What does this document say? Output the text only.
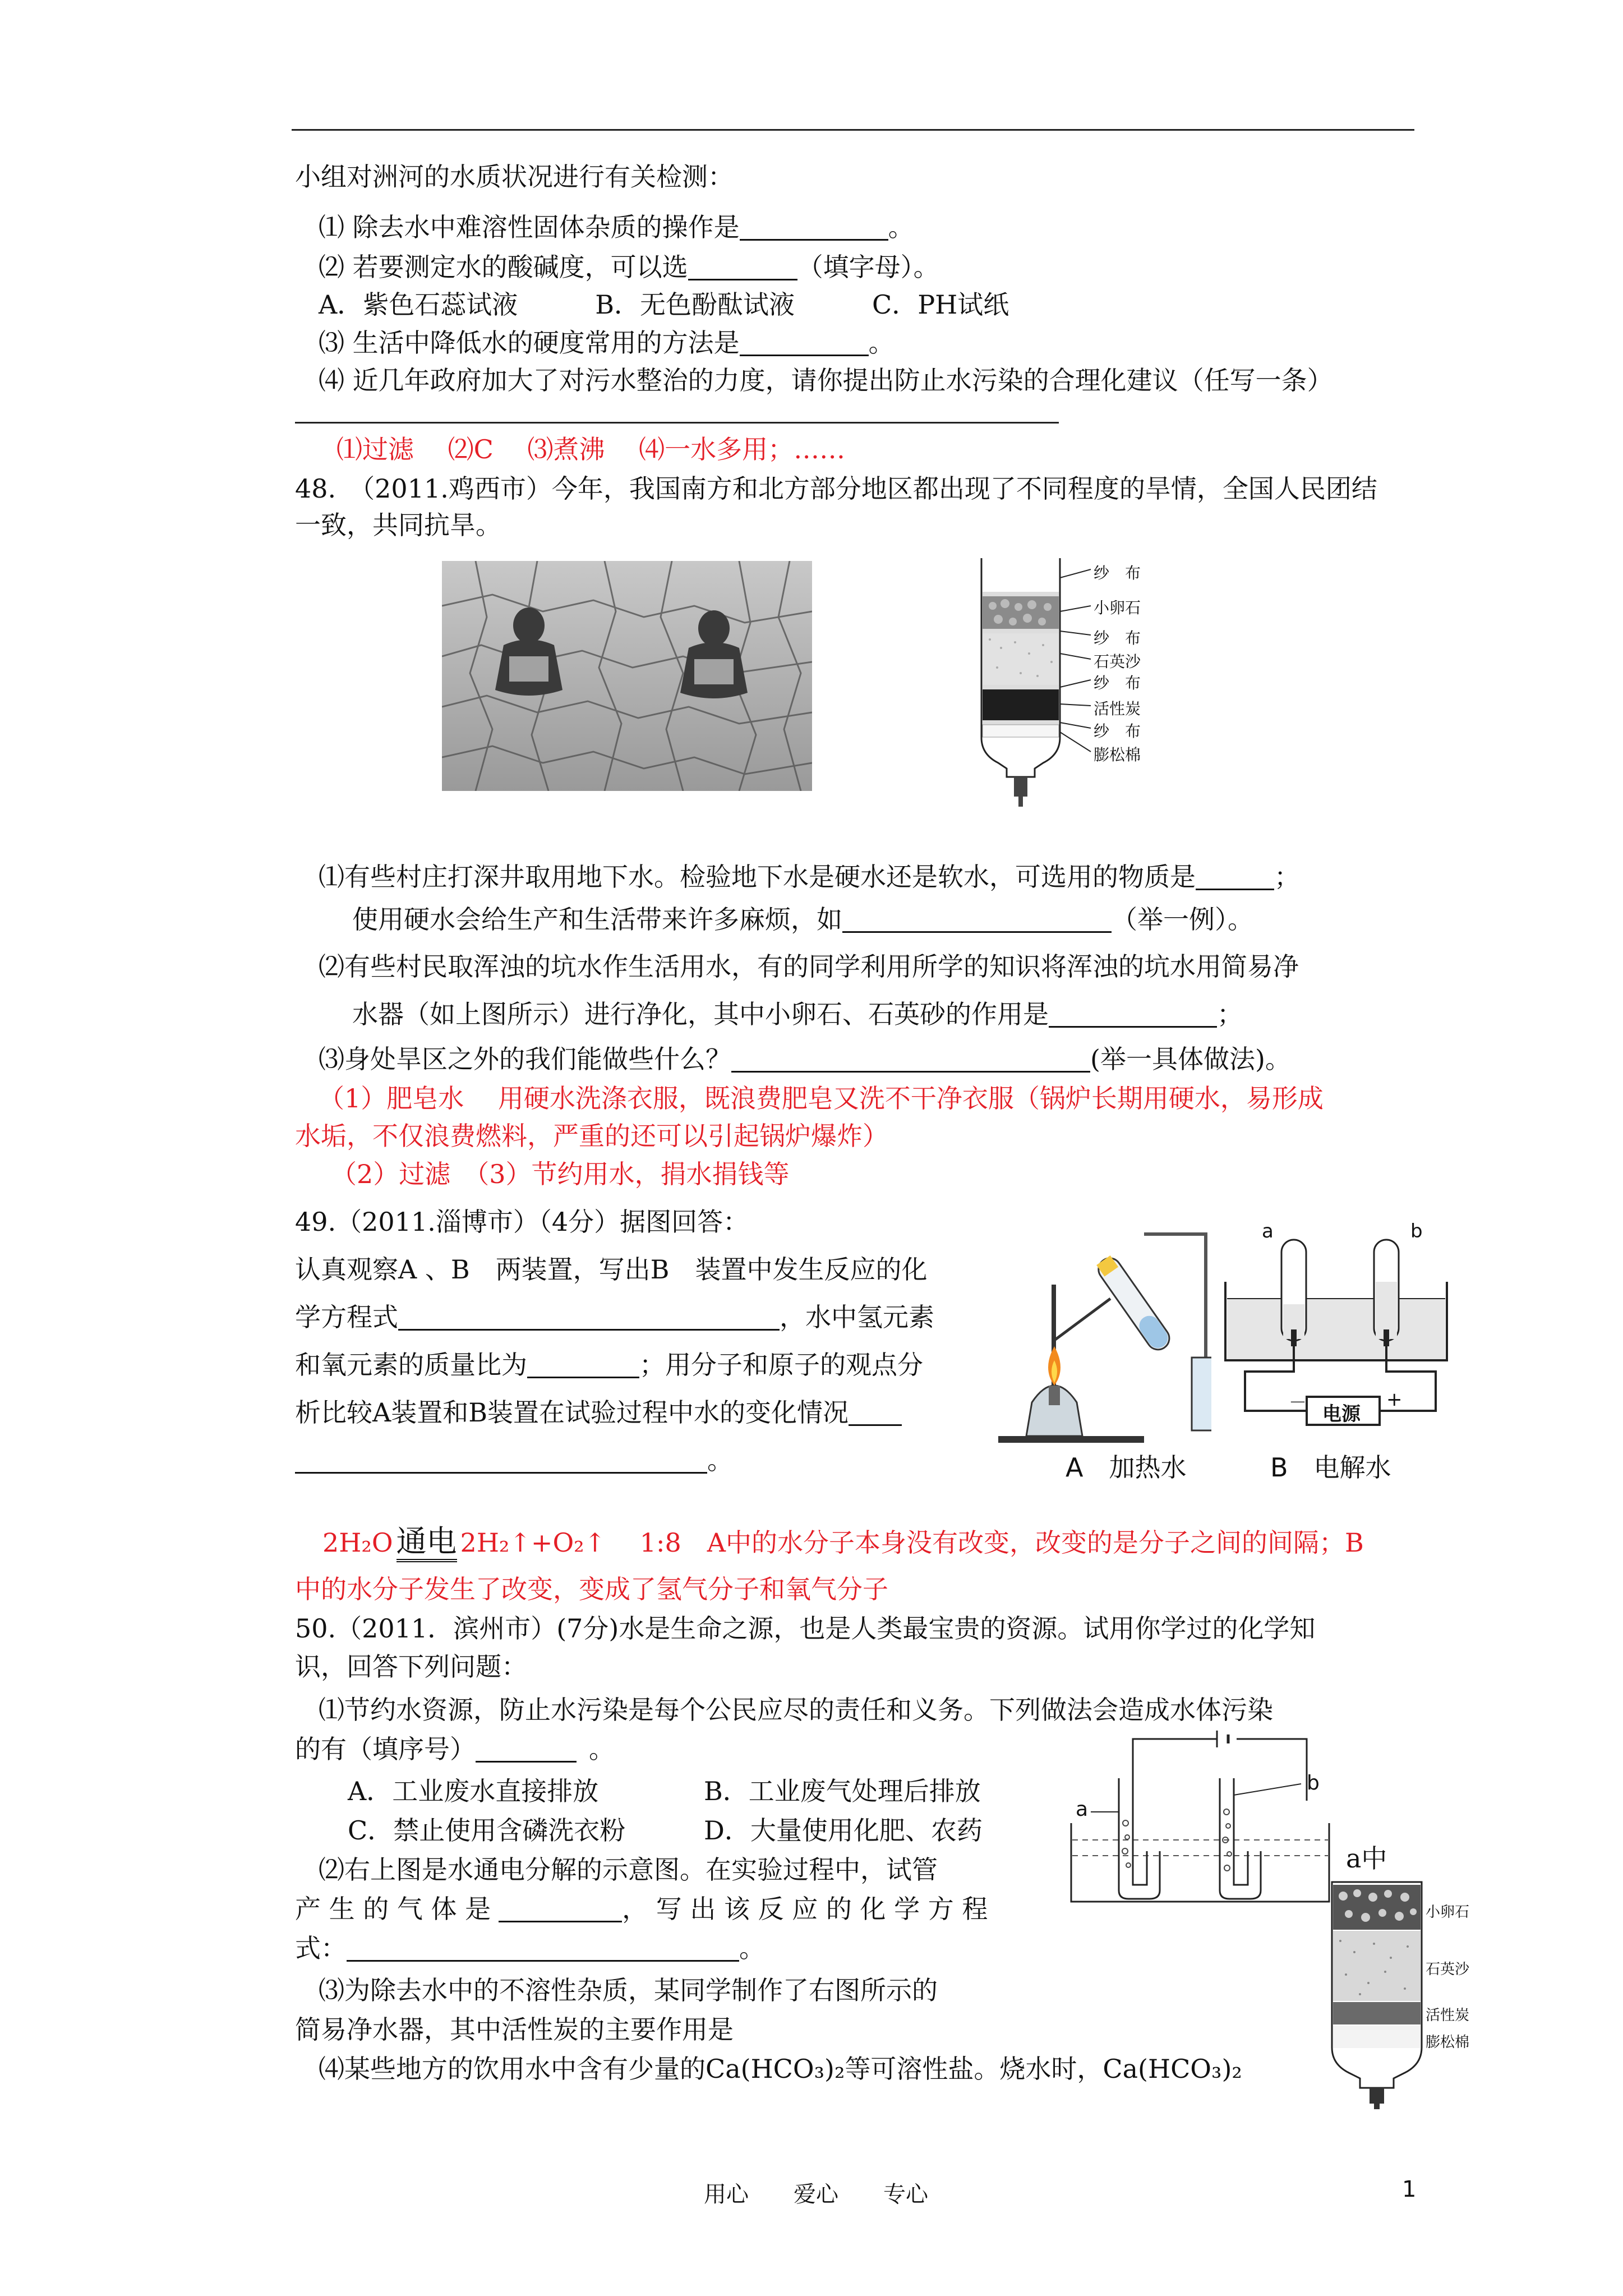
小组对洲河的水质状况进行有关检测：
⑴ 除去水中难溶性固体杂质的操作是	。
⑵ 若要测定水的酸碱度，可以选	（填字母）。
A．紫色石蕊试液　　　B．无色酚酞试液　　　C．PH试纸
⑶ 生活中降低水的硬度常用的方法是	。
⑷ 近几年政府加大了对污水整治的力度，请你提出防止水污染的合理化建议（任写一条）
⑴过滤　 ⑵C　 ⑶煮沸　 ⑷一水多用；……
48.　（2011.鸡西市）今年，我国南方和北方部分地区都出现了不同程度的旱情，全国人民团结
一致，共同抗旱。
纱　布
小卵石
纱　布
石英沙
纱　布
活性炭
纱　布
膨松棉
⑴有些村庄打深井取用地下水。检验地下水是硬水还是软水，可选用的物质是	；
使用硬水会给生产和生活带来许多麻烦，如	（举一例）。
⑵有些村民取浑浊的坑水作生活用水，有的同学利用所学的知识将浑浊的坑水用简易净
水器（如上图所示）进行净化，其中小卵石、石英砂的作用是	；
⑶身处旱区之外的我们能做些什么？	(举一具体做法)。
（1）肥皂水　 用硬水洗涤衣服，既浪费肥皂又洗不干净衣服（锅炉长期用硬水，易形成
水垢，不仅浪费燃料，严重的还可以引起锅炉爆炸）
（2）过滤　（3）节约用水，捐水捐钱等
49.（2011.淄博市）（4分）据图回答：
认真观察A 、B　两装置，写出B　装置中发生反应的化
学方程式	，水中氢元素
和氧元素的质量比为	；用分子和原子的观点分
析比较A装置和B装置在试验过程中水的变化情况
。
a	b
电源
－	+
A　加热水	B　电解水
2H₂O 通电 2H₂↑+O₂↑　 1:8　A中的水分子本身没有改变，改变的是分子之间的间隔；B
中的水分子发生了改变，变成了氢气分子和氧气分子
50.（2011．滨州市）(7分)水是生命之源，也是人类最宝贵的资源。试用你学过的化学知
识，回答下列问题：
⑴节约水资源，防止水污染是每个公民应尽的责任和义务。下列做法会造成水体污染
的有（填序号）	。
A．工业废水直接排放	B．工业废气处理后排放
C．禁止使用含磷洗衣粉	D．大量使用化肥、农药
⑵右上图是水通电分解的示意图。在实验过程中，试管	a中
产 生 的 气 体 是	， 写 出 该 反 应 的 化 学 方 程
式：	。
⑶为除去水中的不溶性杂质，某同学制作了右图所示的
简易净水器，其中活性炭的主要作用是
⑷某些地方的饮用水中含有少量的Ca(HCO₃)₂等可溶性盐。烧水时，Ca(HCO₃)₂
a
b
小卵石
石英沙
活性炭
膨松棉
用心　　爱心　　专心	1
